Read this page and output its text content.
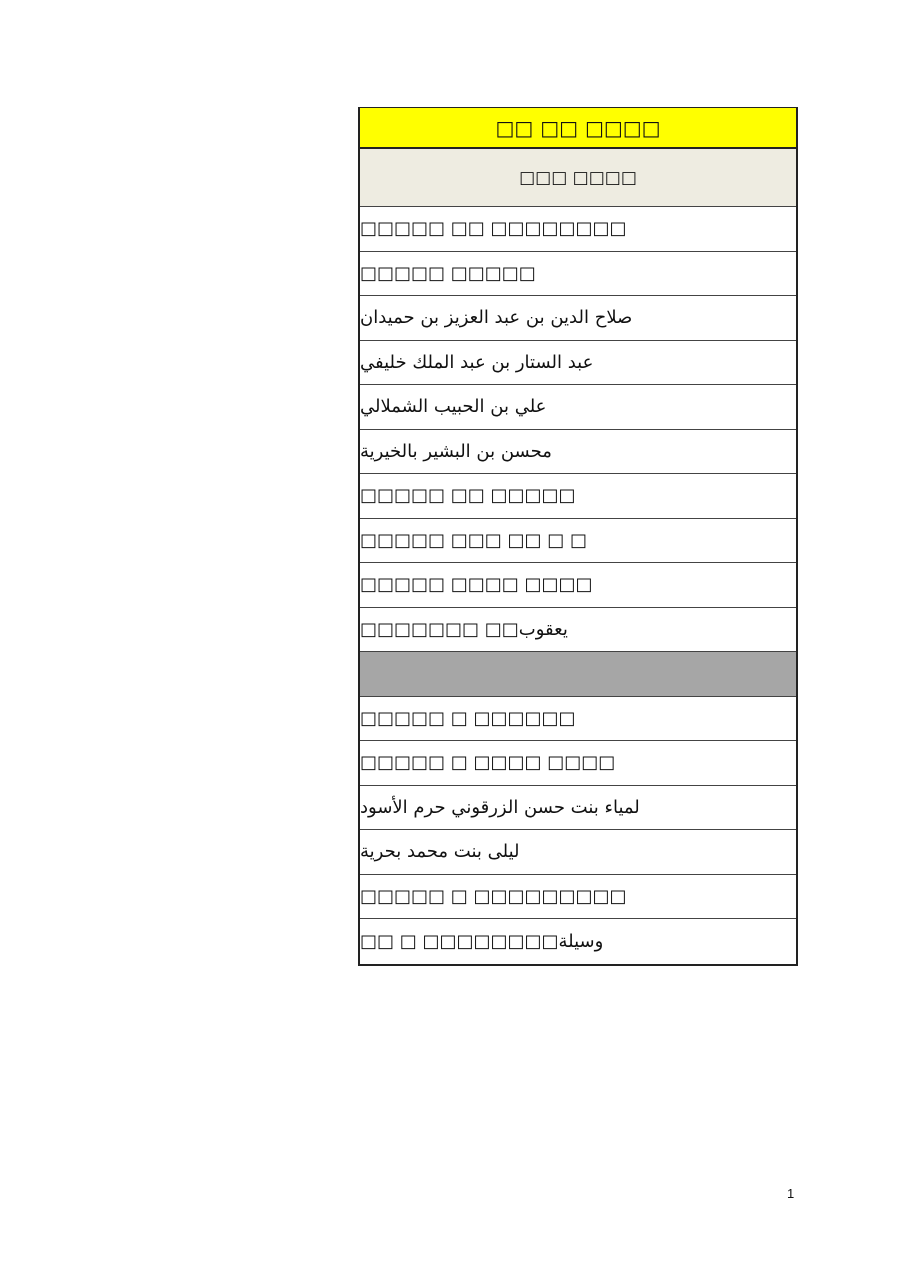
□□□□ □□ □□
□□□□ □□□
□□□□□□□□ □□ □□□□□
□□□□□ □□□□□
صلاح الدين بن عبد العزيز بن حميدان
عبد الستار بن عبد الملك خليفي
علي بن الحبيب الشملالي
محسن بن البشير بالخيرية
□□□□□ □□ □□□□□
□ □ □□ □□□ □□□□□
□□□□ □□□□ □□□□□
يعقوب□□ □□□□□□□
□□□□□□ □ □□□□□
□□□□ □□□□ □ □□□□□
لمياء بنت حسن الزرقوني حرم الأسود
ليلى بنت محمد بحرية
□□□□□□□□□ □ □□□□□
وسيلة□□□□□□□□ □ □□
1
